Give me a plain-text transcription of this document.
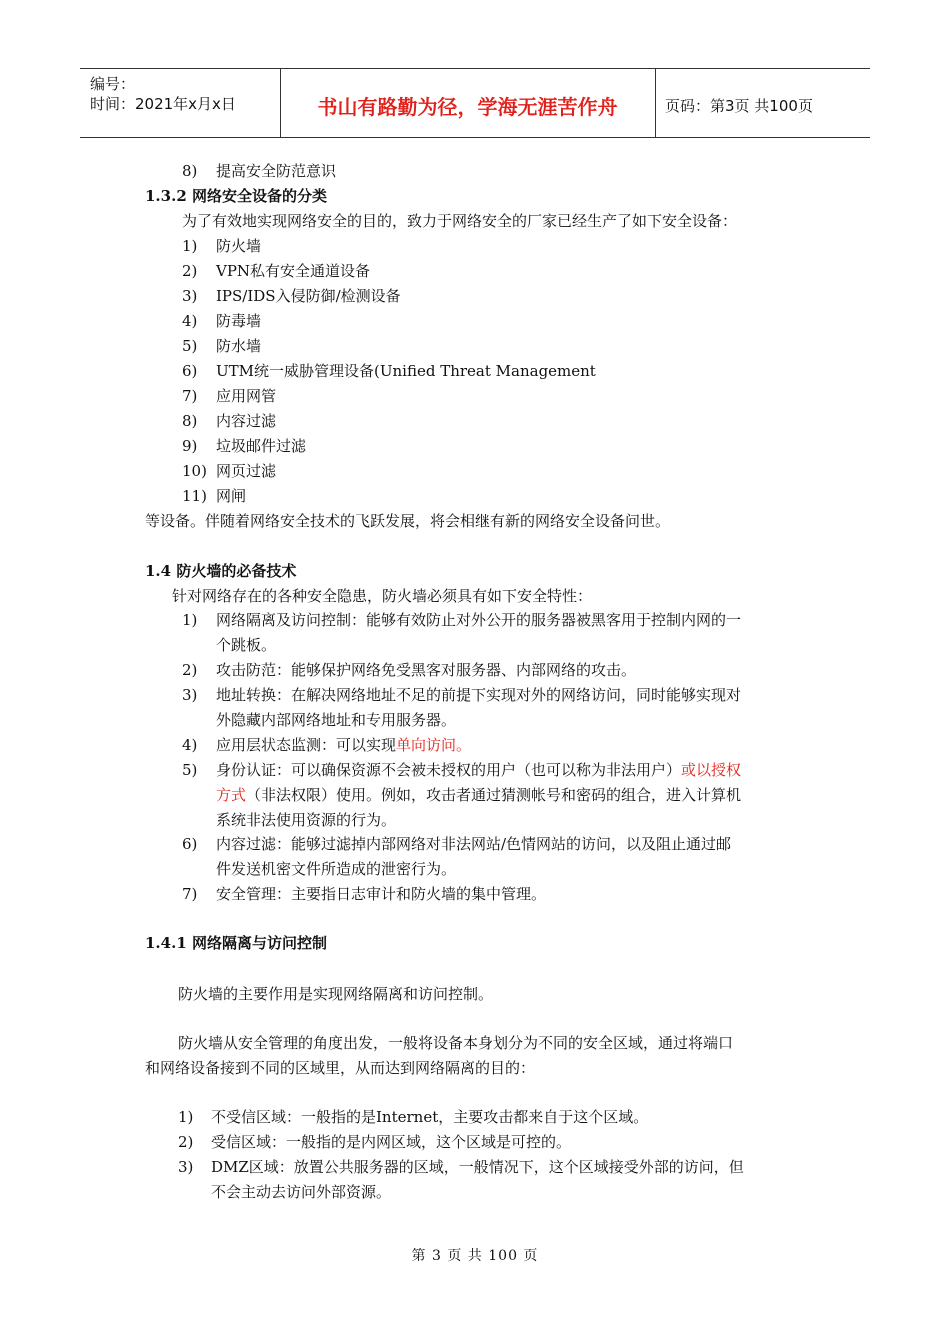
编号：
时间：2021年x月x日	书山有路勤为径，学海无涯苦作舟	页码：第3页 共100页
8) 提高安全防范意识
1.3.2 网络安全设备的分类
为了有效地实现网络安全的目的，致力于网络安全的厂家已经生产了如下安全设备：
1) 防火墙
2) VPN私有安全通道设备
3) IPS/IDS入侵防御/检测设备
4) 防毒墙
5) 防水墙
6) UTM统一威胁管理设备(Unified Threat Management
7) 应用网管
8) 内容过滤
9) 垃圾邮件过滤
10) 网页过滤
11) 网闸
等设备。伴随着网络安全技术的飞跃发展，将会相继有新的网络安全设备问世。
1.4 防火墙的必备技术
针对网络存在的各种安全隐患，防火墙必须具有如下安全特性：
1) 网络隔离及访问控制：能够有效防止对外公开的服务器被黑客用于控制内网的一
个跳板。
2) 攻击防范：能够保护网络免受黑客对服务器、内部网络的攻击。
3) 地址转换：在解决网络地址不足的前提下实现对外的网络访问，同时能够实现对
外隐藏内部网络地址和专用服务器。
4) 应用层状态监测：可以实现单向访问。
5) 身份认证：可以确保资源不会被未授权的用户（也可以称为非法用户）或以授权
方式（非法权限）使用。例如，攻击者通过猜测帐号和密码的组合，进入计算机
系统非法使用资源的行为。
6) 内容过滤：能够过滤掉内部网络对非法网站/色情网站的访问，以及阻止通过邮
件发送机密文件所造成的泄密行为。
7) 安全管理：主要指日志审计和防火墙的集中管理。
1.4.1 网络隔离与访问控制
防火墙的主要作用是实现网络隔离和访问控制。
防火墙从安全管理的角度出发，一般将设备本身划分为不同的安全区域，通过将端口
和网络设备接到不同的区域里，从而达到网络隔离的目的：
1) 不受信区域：一般指的是Internet，主要攻击都来自于这个区域。
2) 受信区域：一般指的是内网区域，这个区域是可控的。
3) DMZ区域：放置公共服务器的区域，一般情况下，这个区域接受外部的访问，但
不会主动去访问外部资源。
第 3 页 共 100 页
